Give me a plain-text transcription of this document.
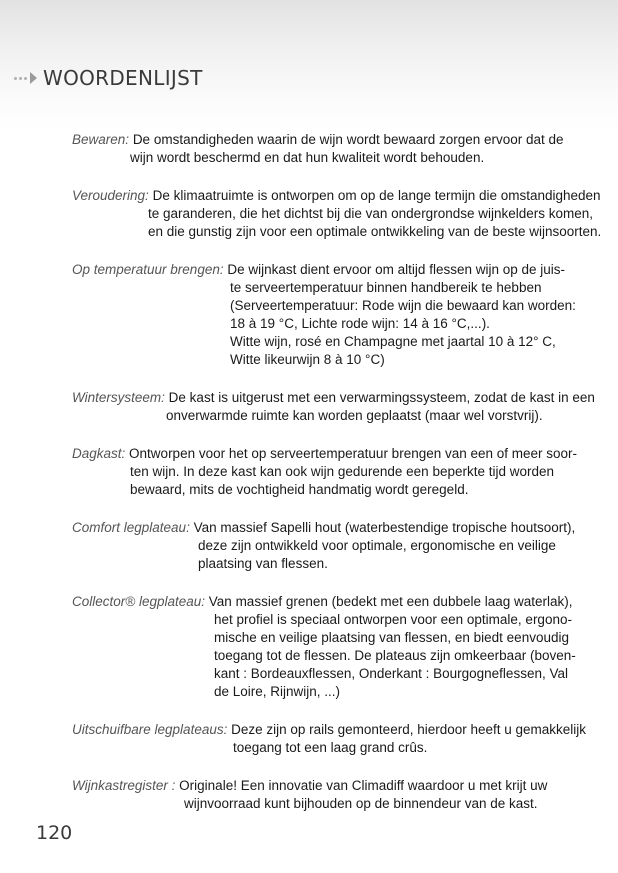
WOORDENLIJST
Bewaren: De omstandigheden waarin de wijn wordt bewaard zorgen ervoor dat de
wijn wordt beschermd en dat hun kwaliteit wordt behouden.
Veroudering: De klimaatruimte is ontworpen om op de lange termijn die omstandigheden
te garanderen, die het dichtst bij die van ondergrondse wijnkelders komen,
en die gunstig zijn voor een optimale ontwikkeling van de beste wijnsoorten.
Op temperatuur brengen: De wijnkast dient ervoor om altijd flessen wijn op de juis-
te serveertemperatuur binnen handbereik te hebben
(Serveertemperatuur: Rode wijn die bewaard kan worden:
18 à 19 °C, Lichte rode wijn: 14 à 16 °C,...).
Witte wijn, rosé en Champagne met jaartal 10 à 12° C,
Witte likeurwijn 8 à 10 °C)
Wintersysteem: De kast is uitgerust met een verwarmingssysteem, zodat de kast in een
onverwarmde ruimte kan worden geplaatst (maar wel vorstvrij).
Dagkast: Ontworpen voor het op serveertemperatuur brengen van een of meer soor-
ten wijn. In deze kast kan ook wijn gedurende een beperkte tijd worden
bewaard, mits de vochtigheid handmatig wordt geregeld.
Comfort legplateau: Van massief Sapelli hout (waterbestendige tropische houtsoort),
deze zijn ontwikkeld voor optimale, ergonomische en veilige
plaatsing van flessen.
Collector® legplateau: Van massief grenen (bedekt met een dubbele laag waterlak),
het profiel is speciaal ontworpen voor een optimale, ergono-
mische en veilige plaatsing van flessen, en biedt eenvoudig
toegang tot de flessen. De plateaus zijn omkeerbaar (boven-
kant : Bordeauxflessen, Onderkant : Bourgogneflessen, Val
de Loire, Rijnwijn, ...)
Uitschuifbare legplateaus: Deze zijn op rails gemonteerd, hierdoor heeft u gemakkelijk
toegang tot een laag grand crûs.
Wijnkastregister : Originale! Een innovatie van Climadiff waardoor u met krijt uw
wijnvoorraad kunt bijhouden op de binnendeur van de kast.
120
